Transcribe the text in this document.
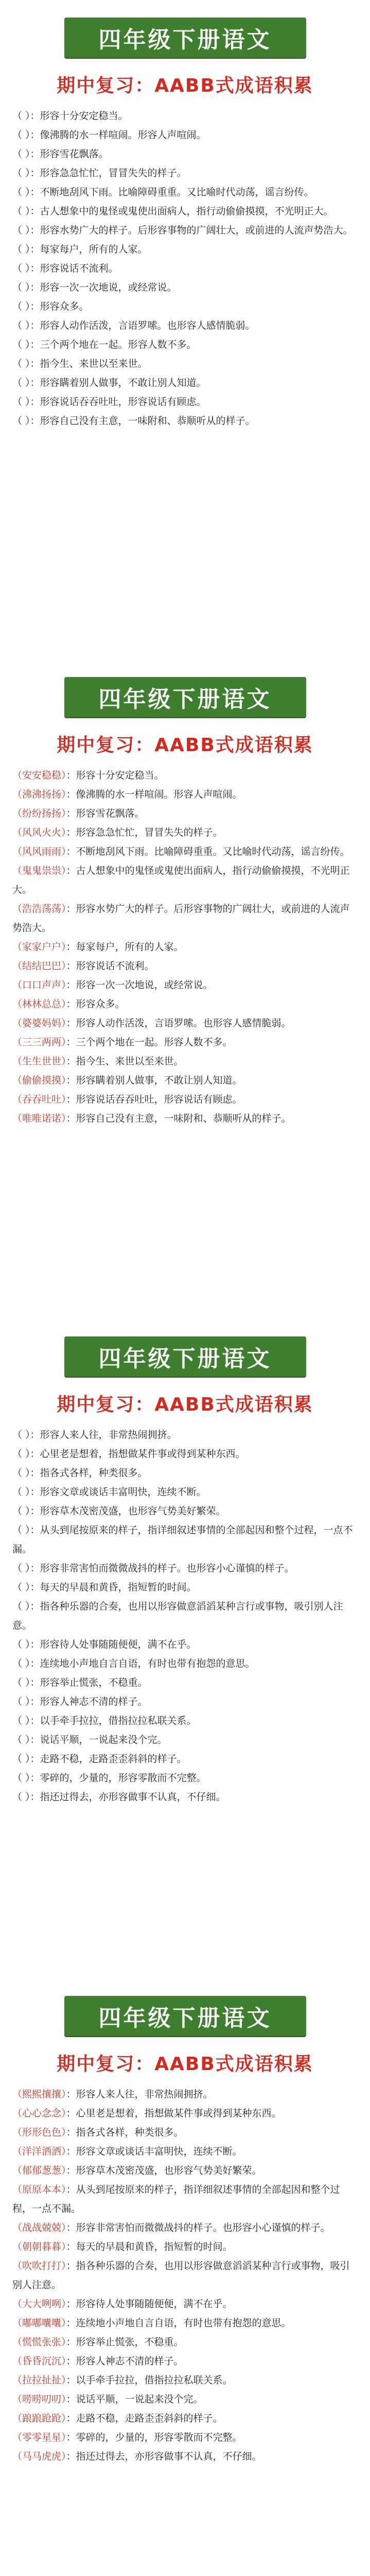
四年级下册语文
期中复习：AABB式成语积累

（ ）：形容十分安定稳当。

（ ）：像沸腾的水一样喧闹。形容人声喧闹。

（ ）：形容雪花飘落。

（ ）：形容急急忙忙，冒冒失失的样子。

（ ）：不断地刮风下雨。比喻障碍重重。又比喻时代动荡，谣言纷传。

（ ）：古人想象中的鬼怪或鬼使出面病人，指行动偷偷摸摸，不光明正大。

（ ）：形容水势广大的样子。后形容事物的广阔壮大，或前进的人流声势浩大。

（ ）：每家每户，所有的人家。

（ ）：形容说话不流利。

（ ）：形容一次一次地说，或经常说。

（ ）：形容众多。

（ ）：形容人动作活泼，言语罗嗦。也形容人感情脆弱。

（ ）：三个两个地在一起。形容人数不多。

（ ）：指今生、来世以至来世。

（ ）：形容瞒着别人做事，不敢让别人知道。

（ ）：形容说话吞吞吐吐，形容说话有顾虑。

（ ）：形容自己没有主意，一味附和、恭顺听从的样子。

四年级下册语文
期中复习：AABB式成语积累

（安安稳稳）：形容十分安定稳当。

（沸沸扬扬）：像沸腾的水一样喧闹。形容人声喧闹。

（纷纷扬扬）：形容雪花飘落。

（风风火火）：形容急急忙忙，冒冒失失的样子。

（风风雨雨）：不断地刮风下雨。比喻障碍重重。又比喻时代动荡，谣言纷传。

（鬼鬼祟祟）：古人想象中的鬼怪或鬼使出面病人，指行动偷偷摸摸，不光明正大。

（浩浩荡荡）：形容水势广大的样子。后形容事物的广阔壮大，或前进的人流声势浩大。

（家家户户）：每家每户，所有的人家。

（结结巴巴）：形容说话不流利。

（口口声声）：形容一次一次地说，或经常说。

（林林总总）：形容众多。

（婆婆妈妈）：形容人动作活泼，言语罗嗦。也形容人感情脆弱。

（三三两两）：三个两个地在一起。形容人数不多。

（生生世世）：指今生、来世以至来世。

（偷偷摸摸）：形容瞒着别人做事，不敢让别人知道。

（吞吞吐吐）：形容说话吞吞吐吐，形容说话有顾虑。

（唯唯诺诺）：形容自己没有主意，一味附和、恭顺听从的样子。

四年级下册语文
期中复习：AABB式成语积累

（ ）：形容人来人往，非常热闹拥挤。

（ ）：心里老是想着，指想做某件事或得到某种东西。

（ ）：指各式各样，种类很多。

（ ）：形容文章或谈话丰富明快，连续不断。

（ ）：形容草木茂密茂盛，也形容气势美好繁荣。

（ ）：从头到尾按原来的样子，指详细叙述事情的全部起因和整个过程，一点不漏。

（ ）：形容非常害怕而微微战抖的样子。也形容小心谨慎的样子。

（ ）：每天的早晨和黄昏，指短暂的时间。

（ ）：指各种乐器的合奏，也用以形容做意滔滔某种言行或事物，吸引别人注意。

（ ）：形容待人处事随随便便，满不在乎。

（ ）：连续地小声地自言自语，有时也带有抱怨的意思。

（ ）：形容举止慌张，不稳重。

（ ）：形容人神志不清的样子。

（ ）：以手牵手拉拉，借指拉拉私联关系。

（ ）：说话平顺，一说起来没个完。

（ ）：走路不稳，走路歪歪斜斜的样子。

（ ）：零碎的，少量的，形容零散而不完整。

（ ）：指还过得去，亦形容做事不认真，不仔细。

四年级下册语文
期中复习：AABB式成语积累

（熙熙攘攘）：形容人来人往，非常热闹拥挤。

（心心念念）：心里老是想着，指想做某件事或得到某种东西。

（形形色色）：指各式各样，种类很多。

（洋洋洒洒）：形容文章或谈话丰富明快，连续不断。

（郁郁葱葱）：形容草木茂密茂盛，也形容气势美好繁荣。

（原原本本）：从头到尾按原来的样子，指详细叙述事情的全部起因和整个过程，一点不漏。

（战战兢兢）：形容非常害怕而微微战抖的样子。也形容小心谨慎的样子。

（朝朝暮暮）：每天的早晨和黄昏，指短暂的时间。

（吹吹打打）：指各种乐器的合奏，也用以形容做意滔滔某种言行或事物，吸引别人注意。

（大大咧咧）：形容待人处事随随便便，满不在乎。

（嘟嘟囔囔）：连续地小声地自言自语，有时也带有抱怨的意思。

（慌慌张张）：形容举止慌张，不稳重。

（昏昏沉沉）：形容人神志不清的样子。

（拉拉扯扯）：以手牵手拉拉，借指拉拉私联关系。

（唠唠叨叨）：说话平顺，一说起来没个完。

（踉踉跄跄）：走路不稳，走路歪歪斜斜的样子。

（零零星星）：零碎的，少量的，形容零散而不完整。

（马马虎虎）：指还过得去，亦形容做事不认真，不仔细。
